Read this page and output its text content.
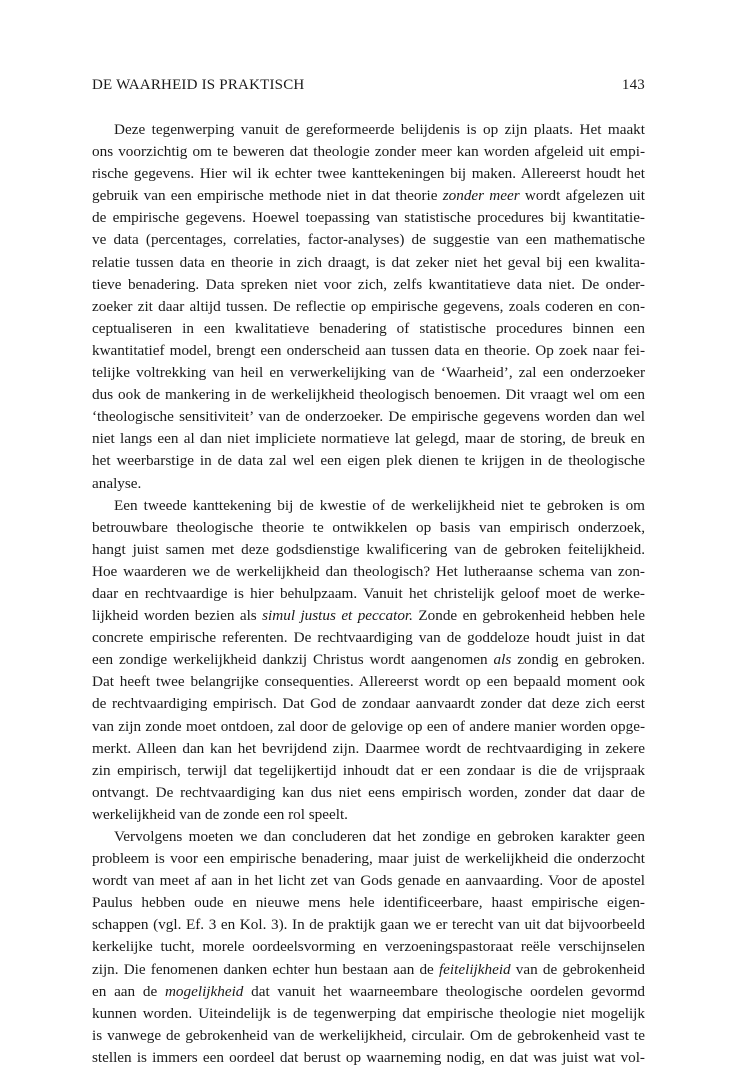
DE WAARHEID IS PRAKTISCH	143
Deze tegenwerping vanuit de gereformeerde belijdenis is op zijn plaats. Het maakt
ons voorzichtig om te beweren dat theologie zonder meer kan worden afgeleid uit empi-
rische gegevens. Hier wil ik echter twee kanttekeningen bij maken. Allereerst houdt het
gebruik van een empirische methode niet in dat theorie zonder meer wordt afgelezen uit
de empirische gegevens. Hoewel toepassing van statistische procedures bij kwantitatie-
ve data (percentages, correlaties, factor-analyses) de suggestie van een mathematische
relatie tussen data en theorie in zich draagt, is dat zeker niet het geval bij een kwalita-
tieve benadering. Data spreken niet voor zich, zelfs kwantitatieve data niet. De onder-
zoeker zit daar altijd tussen. De reflectie op empirische gegevens, zoals coderen en con-
ceptualiseren in een kwalitatieve benadering of statistische procedures binnen een
kwantitatief model, brengt een onderscheid aan tussen data en theorie. Op zoek naar fei-
telijke voltrekking van heil en verwerkelijking van de ‘Waarheid’, zal een onderzoeker
dus ook de mankering in de werkelijkheid theologisch benoemen. Dit vraagt wel om een
‘theologische sensitiviteit’ van de onderzoeker. De empirische gegevens worden dan wel
niet langs een al dan niet impliciete normatieve lat gelegd, maar de storing, de breuk en
het weerbarstige in de data zal wel een eigen plek dienen te krijgen in de theologische
analyse.
Een tweede kanttekening bij de kwestie of de werkelijkheid niet te gebroken is om
betrouwbare theologische theorie te ontwikkelen op basis van empirisch onderzoek,
hangt juist samen met deze godsdienstige kwalificering van de gebroken feitelijkheid.
Hoe waarderen we de werkelijkheid dan theologisch? Het lutheraanse schema van zon-
daar en rechtvaardige is hier behulpzaam. Vanuit het christelijk geloof moet de werke-
lijkheid worden bezien als simul justus et peccator. Zonde en gebrokenheid hebben hele
concrete empirische referenten. De rechtvaardiging van de goddeloze houdt juist in dat
een zondige werkelijkheid dankzij Christus wordt aangenomen als zondig en gebroken.
Dat heeft twee belangrijke consequenties. Allereerst wordt op een bepaald moment ook
de rechtvaardiging empirisch. Dat God de zondaar aanvaardt zonder dat deze zich eerst
van zijn zonde moet ontdoen, zal door de gelovige op een of andere manier worden opge-
merkt. Alleen dan kan het bevrijdend zijn. Daarmee wordt de rechtvaardiging in zekere
zin empirisch, terwijl dat tegelijkertijd inhoudt dat er een zondaar is die de vrijspraak
ontvangt. De rechtvaardiging kan dus niet eens empirisch worden, zonder dat daar de
werkelijkheid van de zonde een rol speelt.
Vervolgens moeten we dan concluderen dat het zondige en gebroken karakter geen
probleem is voor een empirische benadering, maar juist de werkelijkheid die onderzocht
wordt van meet af aan in het licht zet van Gods genade en aanvaarding. Voor de apostel
Paulus hebben oude en nieuwe mens hele identificeerbare, haast empirische eigen-
schappen (vgl. Ef. 3 en Kol. 3). In de praktijk gaan we er terecht van uit dat bijvoorbeeld
kerkelijke tucht, morele oordeelsvorming en verzoeningspastoraat reële verschijnselen
zijn. Die fenomenen danken echter hun bestaan aan de feitelijkheid van de gebrokenheid
en aan de mogelijkheid dat vanuit het waarneembare theologische oordelen gevormd
kunnen worden. Uiteindelijk is de tegenwerping dat empirische theologie niet mogelijk
is vanwege de gebrokenheid van de werkelijkheid, circulair. Om de gebrokenheid vast te
stellen is immers een oordeel dat berust op waarneming nodig, en dat was juist wat vol-
